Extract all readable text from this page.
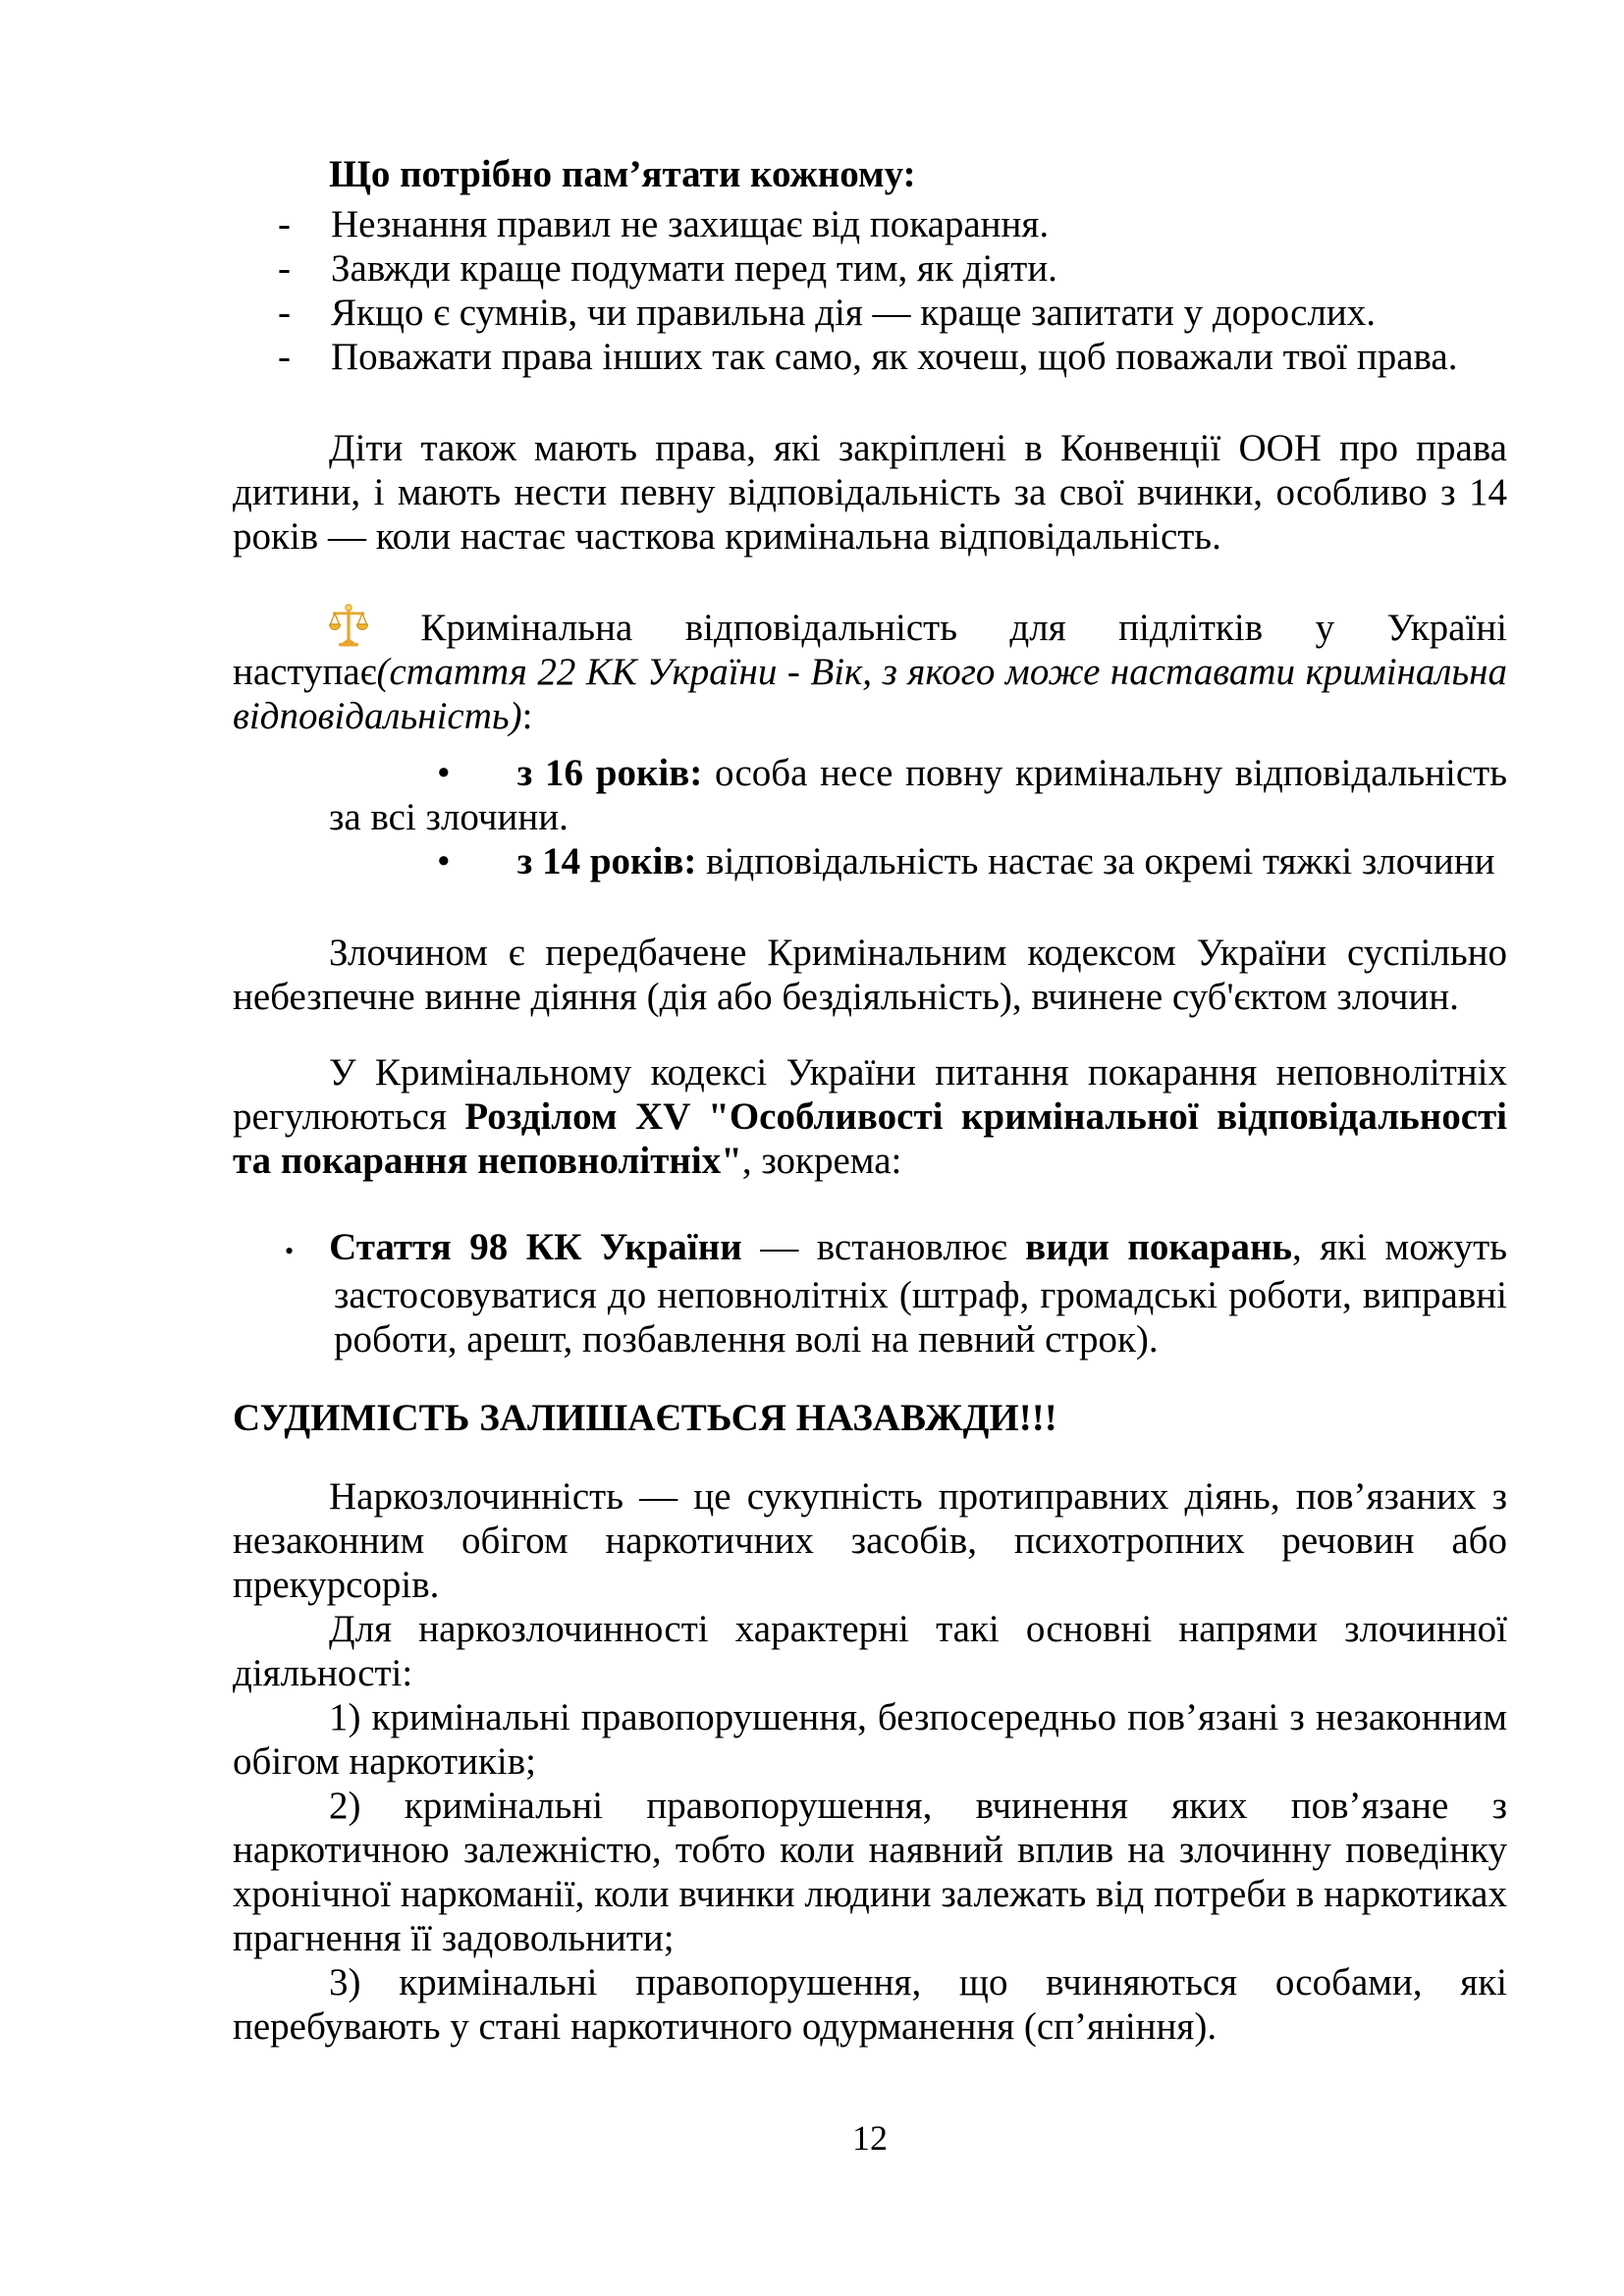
Що потрібно пам’ятати кожному:

- Незнання правил не захищає від покарання.
- Завжди краще подумати перед тим, як діяти.
- Якщо є сумнів, чи правильна дія — краще запитати у дорослих.
- Поважати права інших так само, як хочеш, щоб поважали твої права.

Діти також мають права, які закріплені в Конвенції ООН про права дитини, і мають нести певну відповідальність за свої вчинки, особливо з 14 років — коли настає часткова кримінальна відповідальність.

Кримінальна відповідальність для підлітків у Україні
наступає(стаття 22 КК України - Вік, з якого може наставати кримінальна відповідальність):
• з 16 років: особа несе повну кримінальну відповідальність за всі злочини.
• з 14 років: відповідальність настає за окремі тяжкі злочини

Злочином є передбачене Кримінальним кодексом України суспільно небезпечне винне діяння (дія або бездіяльність), вчинене суб'єктом злочин.

У Кримінальному кодексі України питання покарання неповнолітніх регулюються Розділом XV "Особливості кримінальної відповідальності та покарання неповнолітніх", зокрема:

• Стаття 98 КК України — встановлює види покарань, які можуть застосовуватися до неповнолітніх (штраф, громадські роботи, виправні роботи, арешт, позбавлення волі на певний строк).

СУДИМІСТЬ ЗАЛИШАЄТЬСЯ НАЗАВЖДИ!!!

Наркозлочинність — це сукупність протиправних діянь, пов’язаних з незаконним обігом наркотичних засобів, психотропних речовин або прекурсорів.

Для наркозлочинності характерні такі основні напрями злочинної діяльності:

1) кримінальні правопорушення, безпосередньо пов’язані з незаконним обігом наркотиків;

2) кримінальні правопорушення, вчинення яких пов’язане з наркотичною залежністю, тобто коли наявний вплив на злочинну поведінку хронічної наркоманії, коли вчинки людини залежать від потреби в наркотиках прагнення її задовольнити;

3) кримінальні правопорушення, що вчиняються особами, які перебувають у стані наркотичного одурманення (сп’яніння).

12
